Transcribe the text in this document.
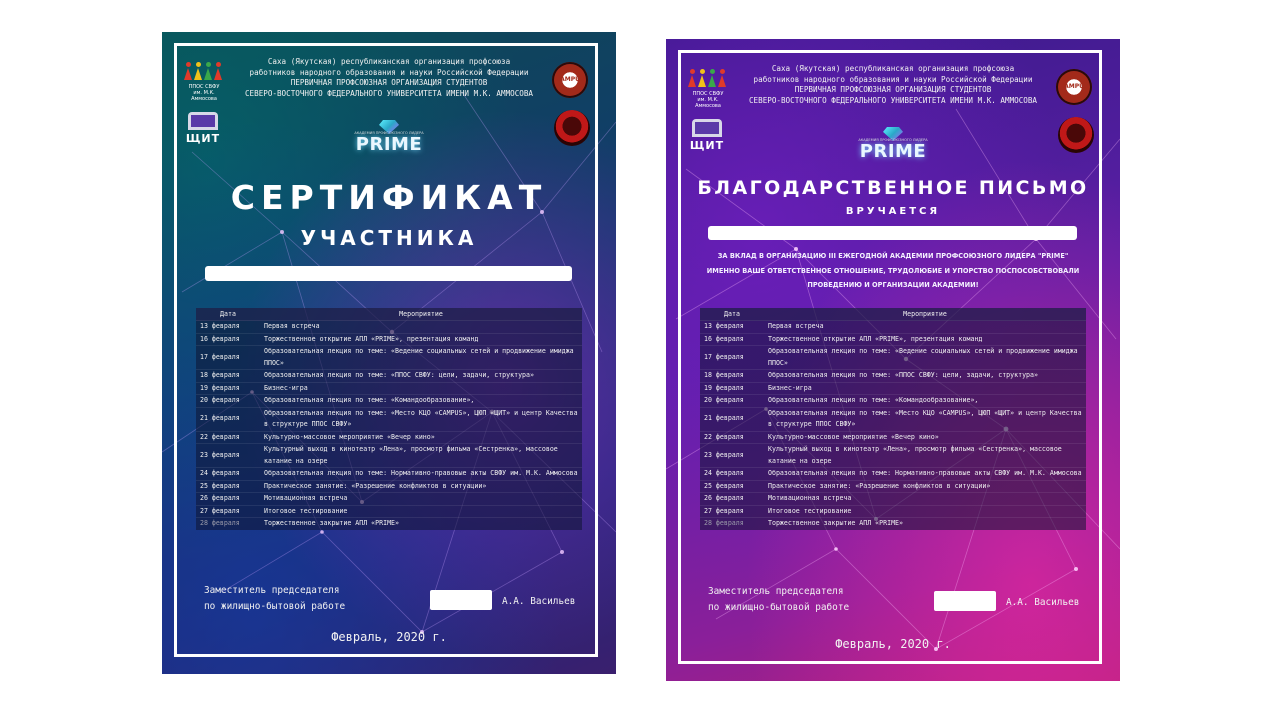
Саха (Якутская) республиканская организация профсоюза
работников народного образования и науки Российской Федерации
ПЕРВИЧНАЯ ПРОФСОЮЗНАЯ ОРГАНИЗАЦИЯ СТУДЕНТОВ
СЕВЕРО-ВОСТОЧНОГО ФЕДЕРАЛЬНОГО УНИВЕРСИТЕТА ИМЕНИ М.К. АММОСОВА
ППОС СВФУ
им. М.К. Аммосова
CAMPUS
ЩИТ	АКАДЕМИЯ ПРОФСОЮЗНОГО ЛИДЕРА
PRIME
СЕРТИФИКАТ
УЧАСТНИКА
Дата	Мероприятие
13 февраля	Первая встреча
16 февраля	Торжественное открытие АПЛ «PRIME», презентация команд
17 февраля	Образовательная лекция по теме: «Ведение социальных сетей и продвижение имиджа ППОС»
18 февраля	Образовательная лекция по теме: «ППОС СВФУ: цели, задачи, структура»
19 февраля	Бизнес-игра
20 февраля	Образовательная лекция по теме: «Командообразование»,
21 февраля	Образовательная лекция по теме: «Место КЦО «CAMPUS», ЦЮП «ЩИТ» и центр Качества в структуре ППОС СВФУ»
22 февраля	Культурно-массовое мероприятие «Вечер кино»
23 февраля	Культурный выход в кинотеатр «Лена», просмотр фильма «Сестренка», массовое катание на озере
24 февраля	Образовательная лекция по теме: Нормативно-правовые акты СВФУ им. М.К. Аммосова
25 февраля	Практическое занятие: «Разрешение конфликтов в ситуации»
26 февраля	Мотивационная встреча
27 февраля	Итоговое тестирование
28 февраля	Торжественное закрытие АПЛ «PRIME»
Заместитель председателя
по жилищно-бытовой работе	А.А. Васильев
Февраль, 2020 г.
Саха (Якутская) республиканская организация профсоюза
работников народного образования и науки Российской Федерации
ПЕРВИЧНАЯ ПРОФСОЮЗНАЯ ОРГАНИЗАЦИЯ СТУДЕНТОВ
СЕВЕРО-ВОСТОЧНОГО ФЕДЕРАЛЬНОГО УНИВЕРСИТЕТА ИМЕНИ М.К. АММОСОВА
ППОС СВФУ
им. М.К. Аммосова
CAMPUS
ЩИТ	АКАДЕМИЯ ПРОФСОЮЗНОГО ЛИДЕРА
PRIME
БЛАГОДАРСТВЕННОЕ ПИСЬМО
ВРУЧАЕТСЯ
ЗА ВКЛАД В ОРГАНИЗАЦИЮ III ЕЖЕГОДНОЙ АКАДЕМИИ ПРОФСОЮЗНОГО ЛИДЕРА "PRIME"
ИМЕННО ВАШЕ ОТВЕТСТВЕННОЕ ОТНОШЕНИЕ, ТРУДОЛЮБИЕ И УПОРСТВО ПОСПОСОБСТВОВАЛИ
ПРОВЕДЕНИЮ И ОРГАНИЗАЦИИ АКАДЕМИИ!
Дата	Мероприятие
13 февраля	Первая встреча
16 февраля	Торжественное открытие АПЛ «PRIME», презентация команд
17 февраля	Образовательная лекция по теме: «Ведение социальных сетей и продвижение имиджа ППОС»
18 февраля	Образовательная лекция по теме: «ППОС СВФУ: цели, задачи, структура»
19 февраля	Бизнес-игра
20 февраля	Образовательная лекция по теме: «Командообразование»,
21 февраля	Образовательная лекция по теме: «Место КЦО «CAMPUS», ЦЮП «ЩИТ» и центр Качества в структуре ППОС СВФУ»
22 февраля	Культурно-массовое мероприятие «Вечер кино»
23 февраля	Культурный выход в кинотеатр «Лена», просмотр фильма «Сестренка», массовое катание на озере
24 февраля	Образовательная лекция по теме: Нормативно-правовые акты СВФУ им. М.К. Аммосова
25 февраля	Практическое занятие: «Разрешение конфликтов в ситуации»
26 февраля	Мотивационная встреча
27 февраля	Итоговое тестирование
28 февраля	Торжественное закрытие АПЛ «PRIME»
Заместитель председателя
по жилищно-бытовой работе	А.А. Васильев
Февраль, 2020 г.
